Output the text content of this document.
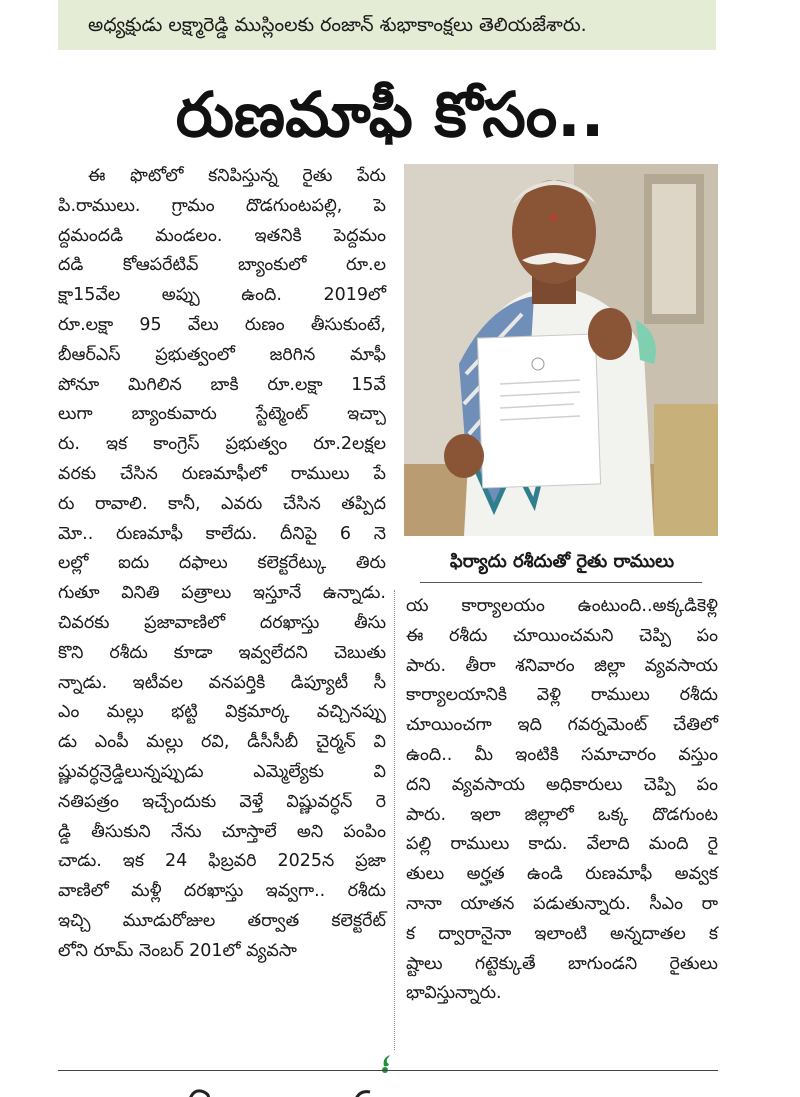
అధ్యక్షుడు లక్ష్మారెడ్డి ముస్లింలకు రంజాన్ శుభాకాంక్షలు తెలియజేశారు.
రుణమాఫీ కోసం..
ఈ ఫొటోలో కనిపిస్తున్న రైతు పేరు
పి.రాములు. గ్రామం దొడగుంటపల్లి, పె
ద్దమందడి మండలం. ఇతనికి పెద్దమం
దడి కోఆపరేటివ్ బ్యాంకులో రూ.ల
క్షా15వేల అప్పు ఉంది. 2019లో
రూ.లక్షా 95 వేలు రుణం తీసుకుంటే,
బీఆర్ఎస్ ప్రభుత్వంలో జరిగిన మాఫీ
పోనూ మిగిలిన బాకి రూ.లక్షా 15వే
లుగా బ్యాంకువారు స్టేట్మెంట్ ఇచ్చా
రు. ఇక కాంగ్రెస్ ప్రభుత్వం రూ.2లక్షల
వరకు చేసిన రుణమాఫీలో రాములు పే
రు రావాలి. కానీ, ఎవరు చేసిన తప్పిద
మో.. రుణమాఫీ కాలేదు. దీనిపై 6 నె
లల్లో ఐదు దఫాలు కలెక్టరేట్కు తిరు
గుతూ వినితి పత్రాలు ఇస్తూనే ఉన్నాడు.
చివరకు ప్రజావాణిలో దరఖాస్తు తీసు
కొని రశీదు కూడా ఇవ్వలేదని చెబుతు
న్నాడు. ఇటీవల వనపర్తికి డిప్యూటీ సీ
ఎం మల్లు భట్టి విక్రమార్క వచ్చినప్పు
డు ఎంపీ మల్లు రవి, డీసీసీబీ చైర్మన్ వి
ష్ణువర్ధన్రెడ్డిలున్నప్పుడు ఎమ్మెల్యేకు వి
నతిపత్రం ఇచ్చేందుకు వెళ్తే విష్ణువర్ధన్ రె
డ్డి తీసుకుని నేను చూస్తాలే అని పంపిం
చాడు. ఇక 24 ఫిబ్రవరి 2025న ప్రజా
వాణిలో మళ్లీ దరఖాస్తు ఇవ్వగా.. రశీదు
ఇచ్చి మూడురోజుల తర్వాత కలెక్టరేట్
లోని రూమ్ నెంబర్ 201లో వ్యవసా
ఫిర్యాదు రశీదుతో రైతు రాములు
య కార్యాలయం ఉంటుంది..అక్కడికెళ్లి
ఈ రశీదు చూయించమని చెప్పి పం
పారు. తీరా శనివారం జిల్లా వ్యవసాయ
కార్యాలయానికి వెళ్లి రాములు రశీదు
చూయించగా ఇది గవర్నమెంట్ చేతిలో
ఉంది.. మీ ఇంటికి సమాచారం వస్తుం
దని వ్యవసాయ అధికారులు చెప్పి పం
పారు. ఇలా జిల్లాలో ఒక్క దొడగుంట
పల్లి రాములు కాదు. వేలాది మంది రై
తులు అర్హత ఉండి రుణమాఫీ అవ్వక
నానా యాతన పడుతున్నారు. సీఎం రా
క ద్వారానైనా ఇలాంటి అన్నదాతల క
ష్టాలు గట్టెక్కుతే బాగుండని రైతులు
భావిస్తున్నారు.
